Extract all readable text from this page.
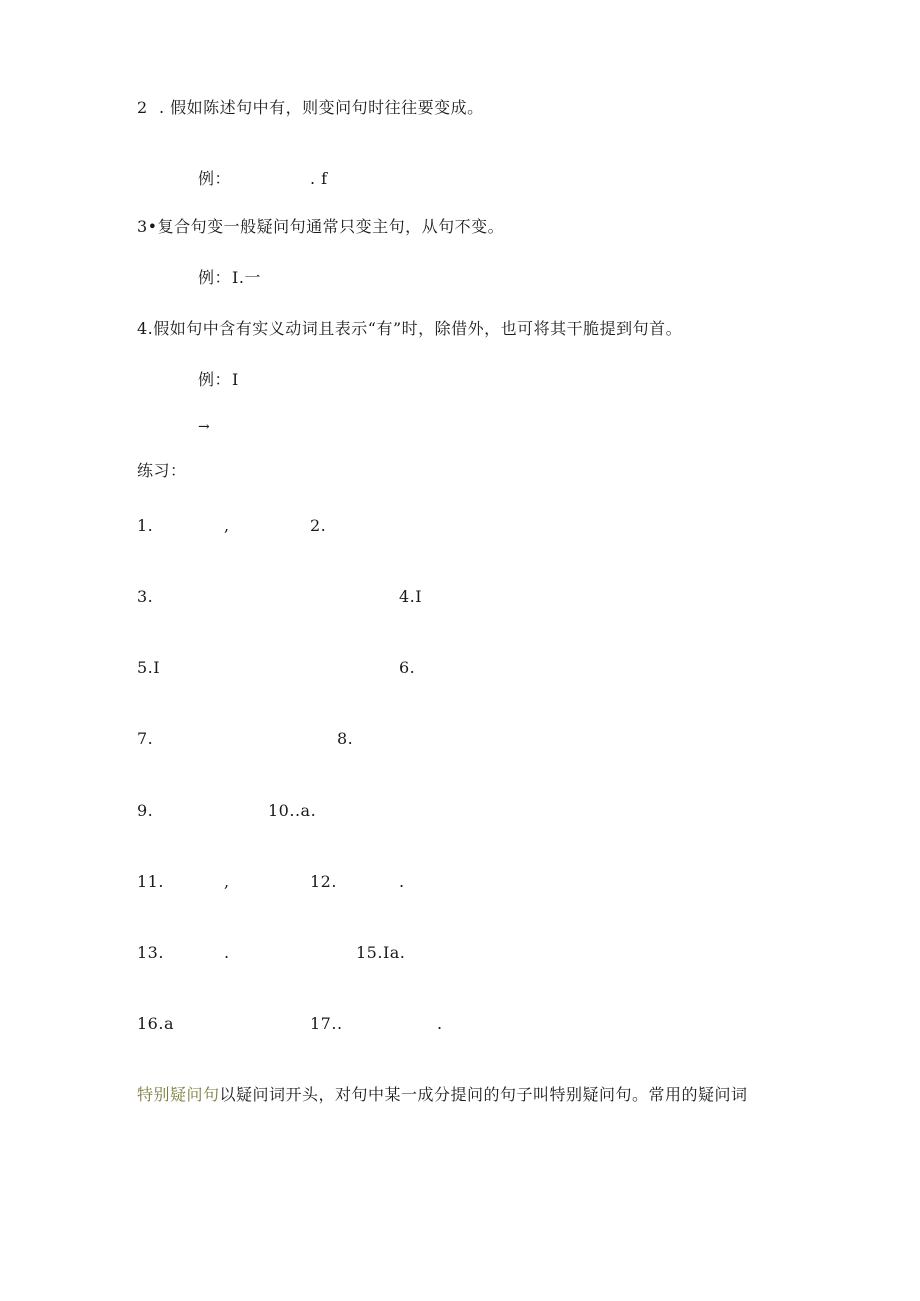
2 . 假如陈述句中有，则变问句时往往要变成。
例：	. f
3•复合句变一般疑问句通常只变主句，从句不变。
例： I.一
4.假如句中含有实义动词且表示“有”时，除借外，也可将其干脆提到句首。
例： I
→
练习：
1.	,	2.
3.	4.I
5.I	6.
7.	8.
9.	10..a.
11.	,	12.	.
13.	.	15.Ia.
16.a	17..	.
特别疑问句以疑问词开头，对句中某一成分提问的句子叫特别疑问句。常用的疑问词
